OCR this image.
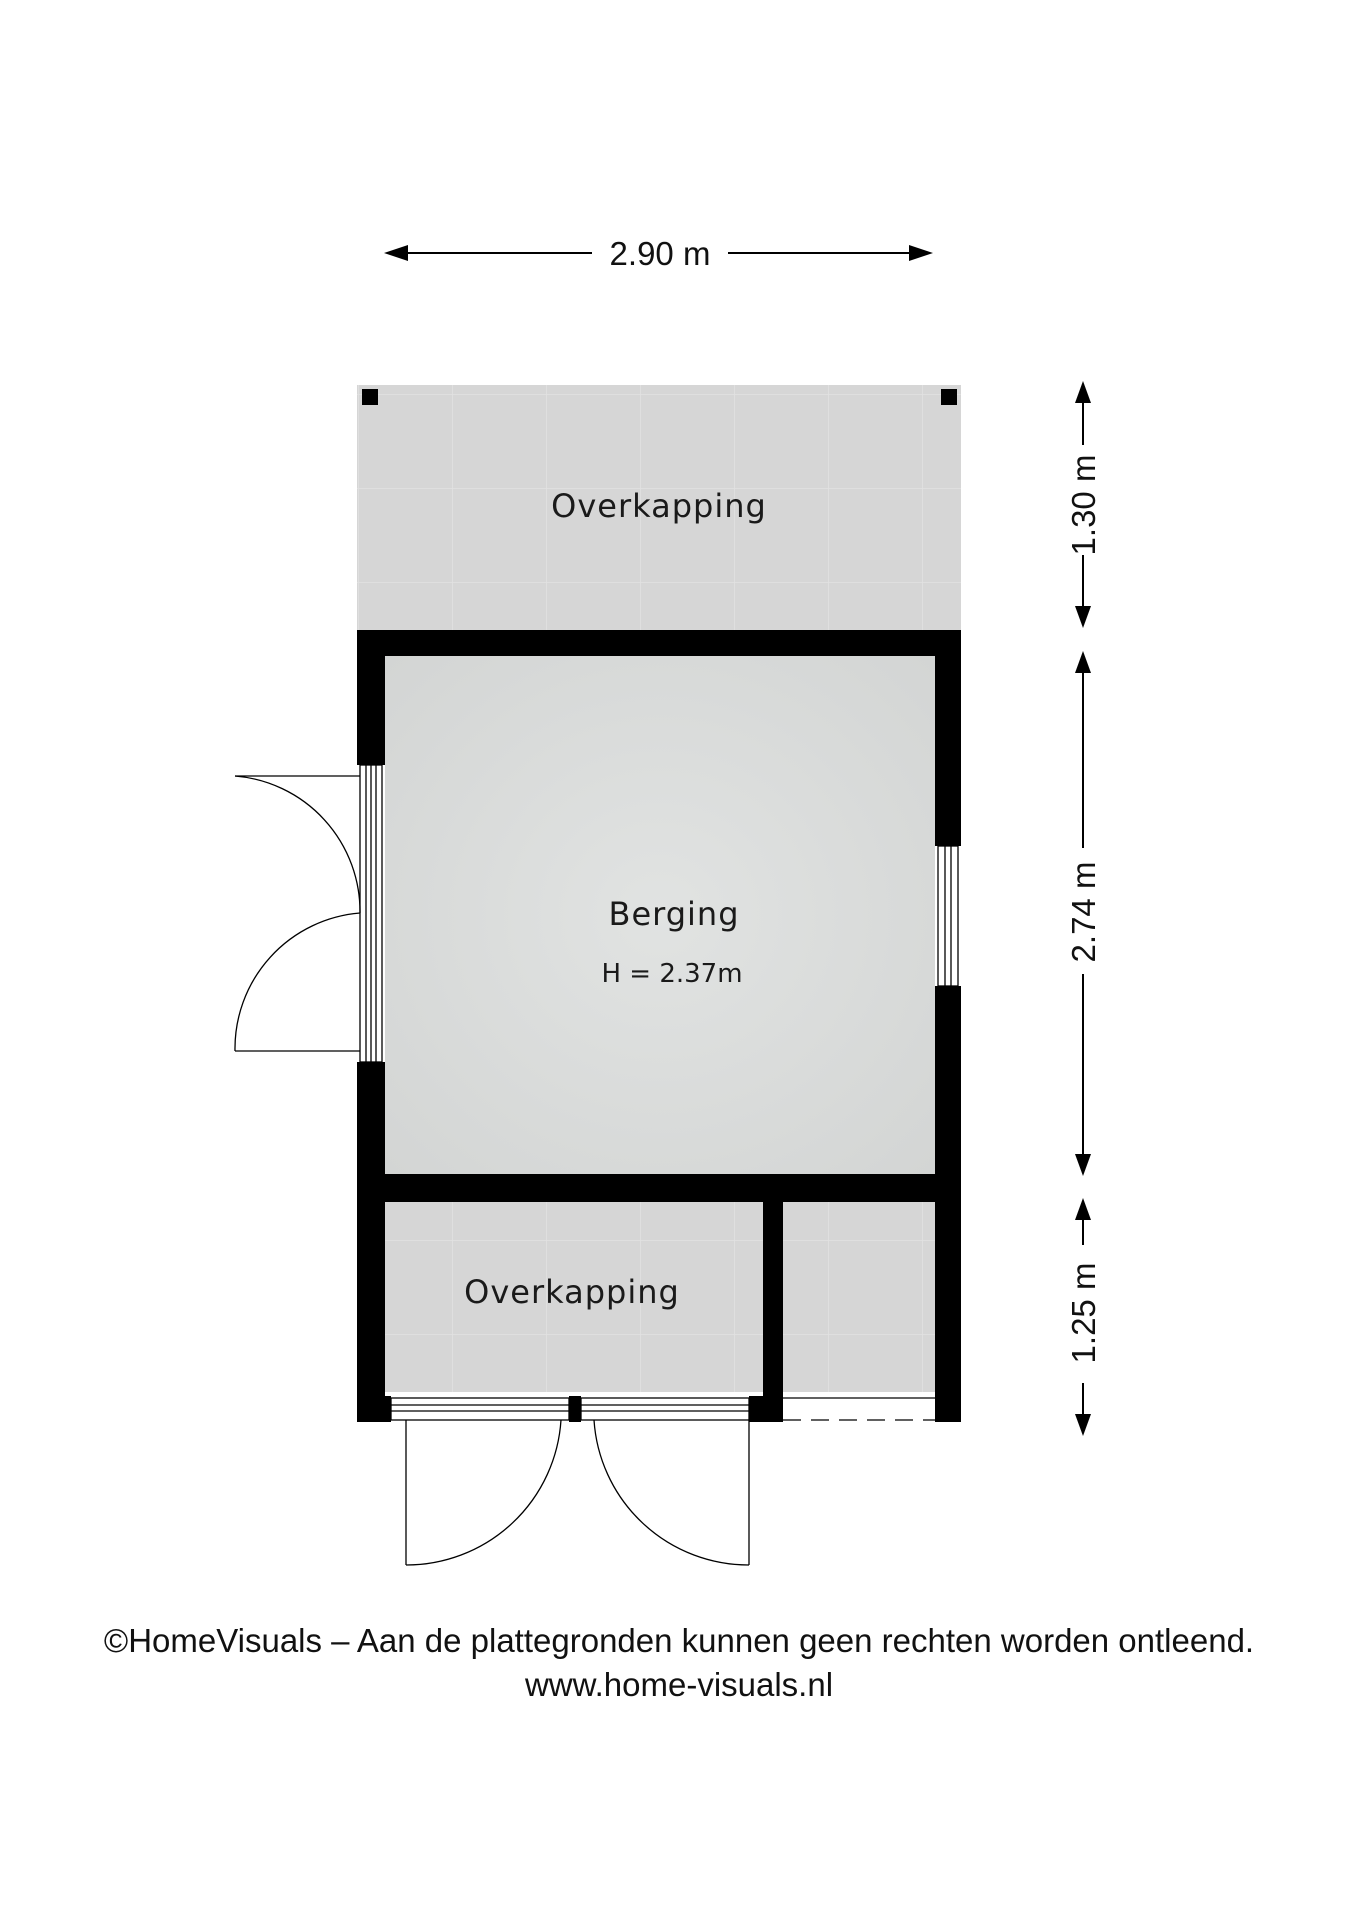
Overkapping
Berging
H = 2.37m
Overkapping
2.90 m
1.30 m
2.74 m
1.25 m
©HomeVisuals – Aan de plattegronden kunnen geen rechten worden ontleend.
www.home-visuals.nl
